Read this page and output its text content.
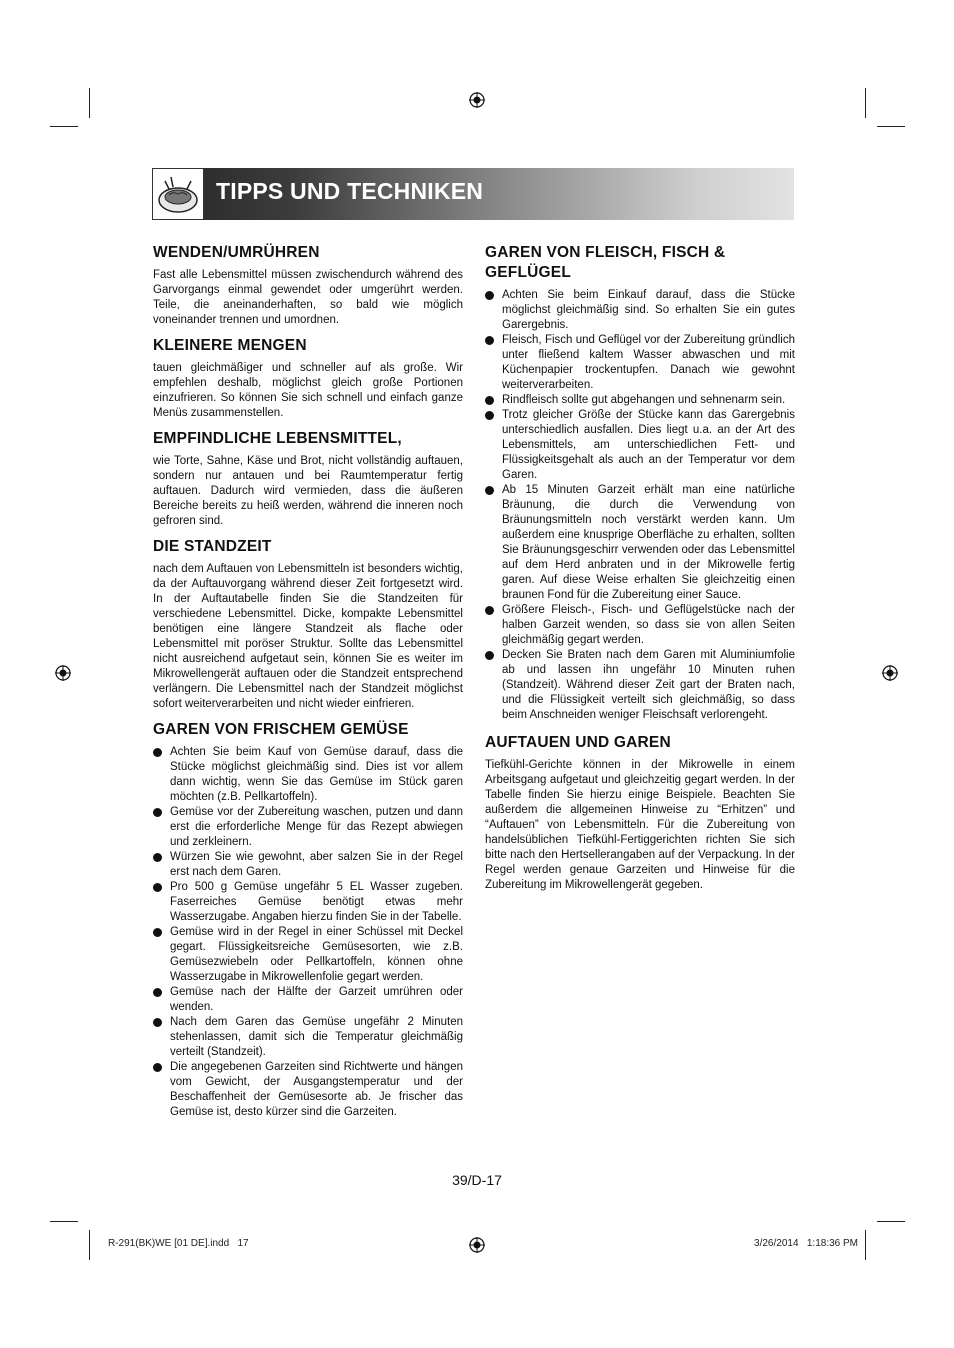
TIPPS UND TECHNIKEN
WENDEN/UMRÜHREN

Fast alle Lebensmittel müssen zwischendurch während des Garvorgangs einmal gewendet oder umgerührt werden. Teile, die aneinanderhaften, so bald wie möglich voneinander trennen und umordnen.

KLEINERE MENGEN

tauen gleichmäßiger und schneller auf als große. Wir empfehlen deshalb, möglichst gleich große Portionen einzufrieren. So können Sie sich schnell und einfach ganze Menüs zusammenstellen.

EMPFINDLICHE LEBENSMITTEL,

wie Torte, Sahne, Käse und Brot, nicht vollständig auftauen, sondern nur antauen und bei Raumtemperatur fertig auftauen. Dadurch wird vermieden, dass die äußeren Bereiche bereits zu heiß werden, während die inneren noch gefroren sind.

DIE STANDZEIT

nach dem Auftauen von Lebensmitteln ist besonders wichtig, da der Auftauvorgang während dieser Zeit fortgesetzt wird. In der Auftautabelle finden Sie die Standzeiten für verschiedene Lebensmittel. Dicke, kompakte Lebensmittel benötigen eine längere Standzeit als flache oder Lebensmittel mit poröser Struktur. Sollte das Lebensmittel nicht ausreichend aufgetaut sein, können Sie es weiter im Mikrowellengerät auftauen oder die Standzeit entsprechend verlängern. Die Lebensmittel nach der Standzeit möglichst sofort weiterverarbeiten und nicht wieder einfrieren.

GAREN VON FRISCHEM GEMÜSE
Achten Sie beim Kauf von Gemüse darauf, dass die Stücke möglichst gleichmäßig sind. Dies ist vor allem dann wichtig, wenn Sie das Gemüse im Stück garen möchten (z.B. Pellkartoffeln).
Gemüse vor der Zubereitung waschen, putzen und dann erst die erforderliche Menge für das Rezept abwiegen und zerkleinern.
Würzen Sie wie gewohnt, aber salzen Sie in der Regel erst nach dem Garen.
Pro 500 g Gemüse ungefähr 5 EL Wasser zugeben. Faserreiches Gemüse benötigt etwas mehr Wasserzugabe. Angaben hierzu finden Sie in der Tabelle.
Gemüse wird in der Regel in einer Schüssel mit Deckel gegart. Flüssigkeitsreiche Gemüsesorten, wie z.B. Gemüsezwiebeln oder Pellkartoffeln, können ohne Wasserzugabe in Mikrowellenfolie gegart werden.
Gemüse nach der Hälfte der Garzeit umrühren oder wenden.
Nach dem Garen das Gemüse ungefähr 2 Minuten stehenlassen, damit sich die Temperatur gleichmäßig verteilt (Standzeit).
Die angegebenen Garzeiten sind Richtwerte und hängen vom Gewicht, der Ausgangstemperatur und der Beschaffenheit der Gemüsesorte ab. Je frischer das Gemüse ist, desto kürzer sind die Garzeiten.
GAREN VON FLEISCH, FISCH & GEFLÜGEL
Achten Sie beim Einkauf darauf, dass die Stücke möglichst gleichmäßig sind. So erhalten Sie ein gutes Garergebnis.
Fleisch, Fisch und Geflügel vor der Zubereitung gründlich unter fließend kaltem Wasser abwaschen und mit Küchenpapier trockentupfen. Danach wie gewohnt weiterverarbeiten.
Rindfleisch sollte gut abgehangen und sehnenarm sein.
Trotz gleicher Größe der Stücke kann das Garergebnis unterschiedlich ausfallen. Dies liegt u.a. an der Art des Lebensmittels, am unterschiedlichen Fett- und Flüssigkeitsgehalt als auch an der Temperatur vor dem Garen.
Ab 15 Minuten Garzeit erhält man eine natürliche Bräunung, die durch die Verwendung von Bräunungsmitteln noch verstärkt werden kann. Um außerdem eine knusprige Oberfläche zu erhalten, sollten Sie Bräunungsgeschirr verwenden oder das Lebensmittel auf dem Herd anbraten und in der Mikrowelle fertig garen. Auf diese Weise erhalten Sie gleichzeitig einen braunen Fond für die Zubereitung einer Sauce.
Größere Fleisch-, Fisch- und Geflügelstücke nach der halben Garzeit wenden, so dass sie von allen Seiten gleichmäßig gegart werden.
Decken Sie Braten nach dem Garen mit Aluminiumfolie ab und lassen ihn ungefähr 10 Minuten ruhen (Standzeit). Während dieser Zeit gart der Braten nach, und die Flüssigkeit verteilt sich gleichmäßig, so dass beim Anschneiden weniger Fleischsaft verlorengeht.
AUFTAUEN UND GAREN

Tiefkühl-Gerichte können in der Mikrowelle in einem Arbeitsgang aufgetaut und gleichzeitig gegart werden. In der Tabelle finden Sie hierzu einige Beispiele. Beachten Sie außerdem die allgemeinen Hinweise zu “Erhitzen” und “Auftauen” von Lebensmitteln. Für die Zubereitung von handelsüblichen Tiefkühl-Fertiggerichten richten Sie sich bitte nach den Hertsellerangaben auf der Verpackung. In der Regel werden genaue Garzeiten und Hinweise für die Zubereitung im Mikrowellengerät gegeben.

39/D-17
R-291(BK)WE [01 DE].indd   17	3/26/2014   1:18:36 PM
